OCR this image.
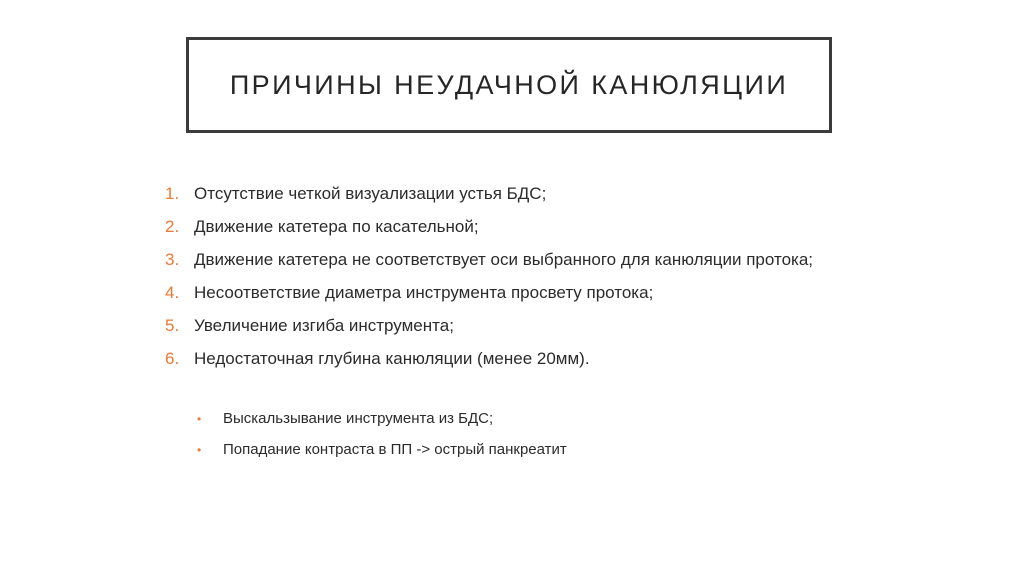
ПРИЧИНЫ НЕУДАЧНОЙ КАНЮЛЯЦИИ
1. Отсутствие четкой визуализации устья БДС;
2. Движение катетера по касательной;
3. Движение катетера не соответствует оси выбранного для канюляции протока;
4. Несоответствие диаметра инструмента просвету протока;
5. Увеличение изгиба инструмента;
6. Недостаточная глубина канюляции (менее 20мм).
•	Выскальзывание инструмента из БДС;
•	Попадание контраста в ПП -> острый панкреатит
